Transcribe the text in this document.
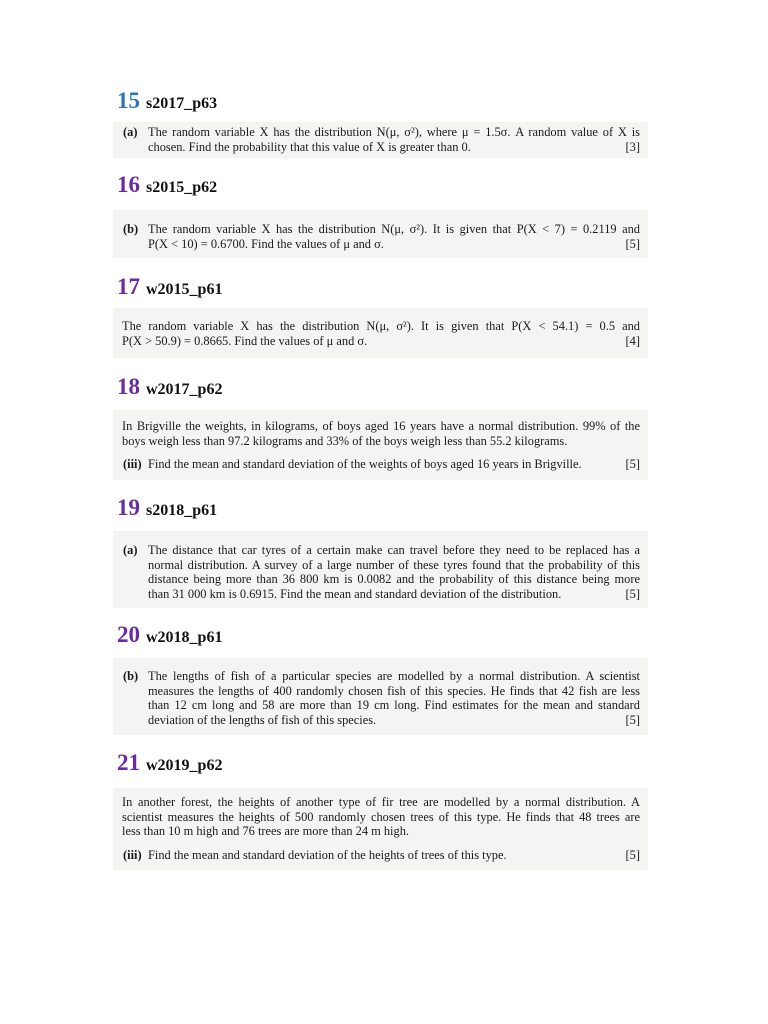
15 s2017_p63
(a) The random variable X has the distribution N(μ, σ²), where μ = 1.5σ. A random value of X is
chosen. Find the probability that this value of X is greater than 0.	[3]
16 s2015_p62
(b) The random variable X has the distribution N(μ, σ²). It is given that P(X < 7) = 0.2119 and
P(X < 10) = 0.6700. Find the values of μ and σ.	[5]
17 w2015_p61
The random variable X has the distribution N(μ, σ²). It is given that P(X < 54.1) = 0.5 and
P(X > 50.9) = 0.8665. Find the values of μ and σ.	[4]
18 w2017_p62
In Brigville the weights, in kilograms, of boys aged 16 years have a normal distribution. 99% of the
boys weigh less than 97.2 kilograms and 33% of the boys weigh less than 55.2 kilograms.
(iii) Find the mean and standard deviation of the weights of boys aged 16 years in Brigville.	[5]
19 s2018_p61
(a) The distance that car tyres of a certain make can travel before they need to be replaced has a
normal distribution. A survey of a large number of these tyres found that the probability of this
distance being more than 36 800 km is 0.0082 and the probability of this distance being more
than 31 000 km is 0.6915. Find the mean and standard deviation of the distribution.	[5]
20 w2018_p61
(b) The lengths of fish of a particular species are modelled by a normal distribution. A scientist
measures the lengths of 400 randomly chosen fish of this species. He finds that 42 fish are less
than 12 cm long and 58 are more than 19 cm long. Find estimates for the mean and standard
deviation of the lengths of fish of this species.	[5]
21 w2019_p62
In another forest, the heights of another type of fir tree are modelled by a normal distribution. A
scientist measures the heights of 500 randomly chosen trees of this type. He finds that 48 trees are
less than 10 m high and 76 trees are more than 24 m high.
(iii) Find the mean and standard deviation of the heights of trees of this type.	[5]
